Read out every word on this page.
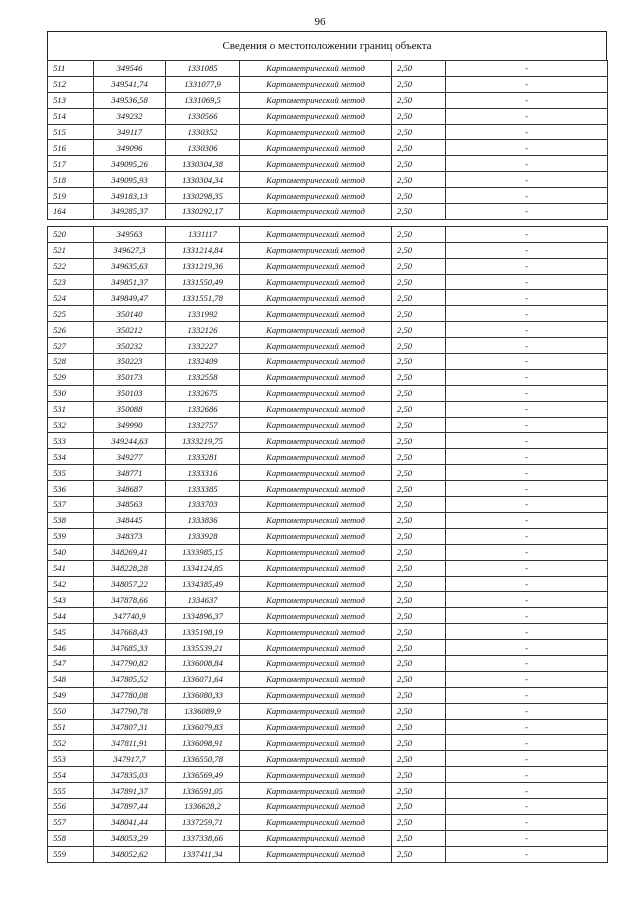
96
Сведения о местоположении границ объекта
511	349546	1331085	Картометрический метод	2,50	-
512	349541,74	1331077,9	Картометрический метод	2,50	-
513	349536,58	1331069,5	Картометрический метод	2,50	-
514	349232	1330566	Картометрический метод	2,50	-
515	349117	1330352	Картометрический метод	2,50	-
516	349096	1330306	Картометрический метод	2,50	-
517	349095,26	1330304,38	Картометрический метод	2,50	-
518	349095,93	1330304,34	Картометрический метод	2,50	-
519	349183,13	1330298,35	Картометрический метод	2,50	-
164	349285,37	1330292,17	Картометрический метод	2,50	-

520	349563	1331117	Картометрический метод	2,50	-
521	349627,3	1331214,84	Картометрический метод	2,50	-
522	349635,63	1331219,36	Картометрический метод	2,50	-
523	349851,37	1331550,49	Картометрический метод	2,50	-
524	349849,47	1331551,78	Картометрический метод	2,50	-
525	350140	1331992	Картометрический метод	2,50	-
526	350212	1332126	Картометрический метод	2,50	-
527	350232	1332227	Картометрический метод	2,50	-
528	350223	1332409	Картометрический метод	2,50	-
529	350173	1332558	Картометрический метод	2,50	-
530	350103	1332675	Картометрический метод	2,50	-
531	350088	1332686	Картометрический метод	2,50	-
532	349990	1332757	Картометрический метод	2,50	-
533	349244,63	1333219,75	Картометрический метод	2,50	-
534	349277	1333281	Картометрический метод	2,50	-
535	348771	1333316	Картометрический метод	2,50	-
536	348687	1333385	Картометрический метод	2,50	-
537	348563	1333703	Картометрический метод	2,50	-
538	348445	1333836	Картометрический метод	2,50	-
539	348373	1333928	Картометрический метод	2,50	-
540	348269,41	1333985,15	Картометрический метод	2,50	-
541	348228,28	1334124,85	Картометрический метод	2,50	-
542	348057,22	1334385,49	Картометрический метод	2,50	-
543	347878,66	1334637	Картометрический метод	2,50	-
544	347740,9	1334896,37	Картометрический метод	2,50	-
545	347668,43	1335198,19	Картометрический метод	2,50	-
546	347685,33	1335539,21	Картометрический метод	2,50	-
547	347790,82	1336008,84	Картометрический метод	2,50	-
548	347805,52	1336071,64	Картометрический метод	2,50	-
549	347780,08	1336080,33	Картометрический метод	2,50	-
550	347790,78	1336089,9	Картометрический метод	2,50	-
551	347807,31	1336079,83	Картометрический метод	2,50	-
552	347811,91	1336098,91	Картометрический метод	2,50	-
553	347917,7	1336550,78	Картометрический метод	2,50	-
554	347835,03	1336569,49	Картометрический метод	2,50	-
555	347891,37	1336591,05	Картометрический метод	2,50	-
556	347897,44	1336628,2	Картометрический метод	2,50	-
557	348041,44	1337259,71	Картометрический метод	2,50	-
558	348053,29	1337338,66	Картометрический метод	2,50	-
559	348052,62	1337411,34	Картометрический метод	2,50	-
